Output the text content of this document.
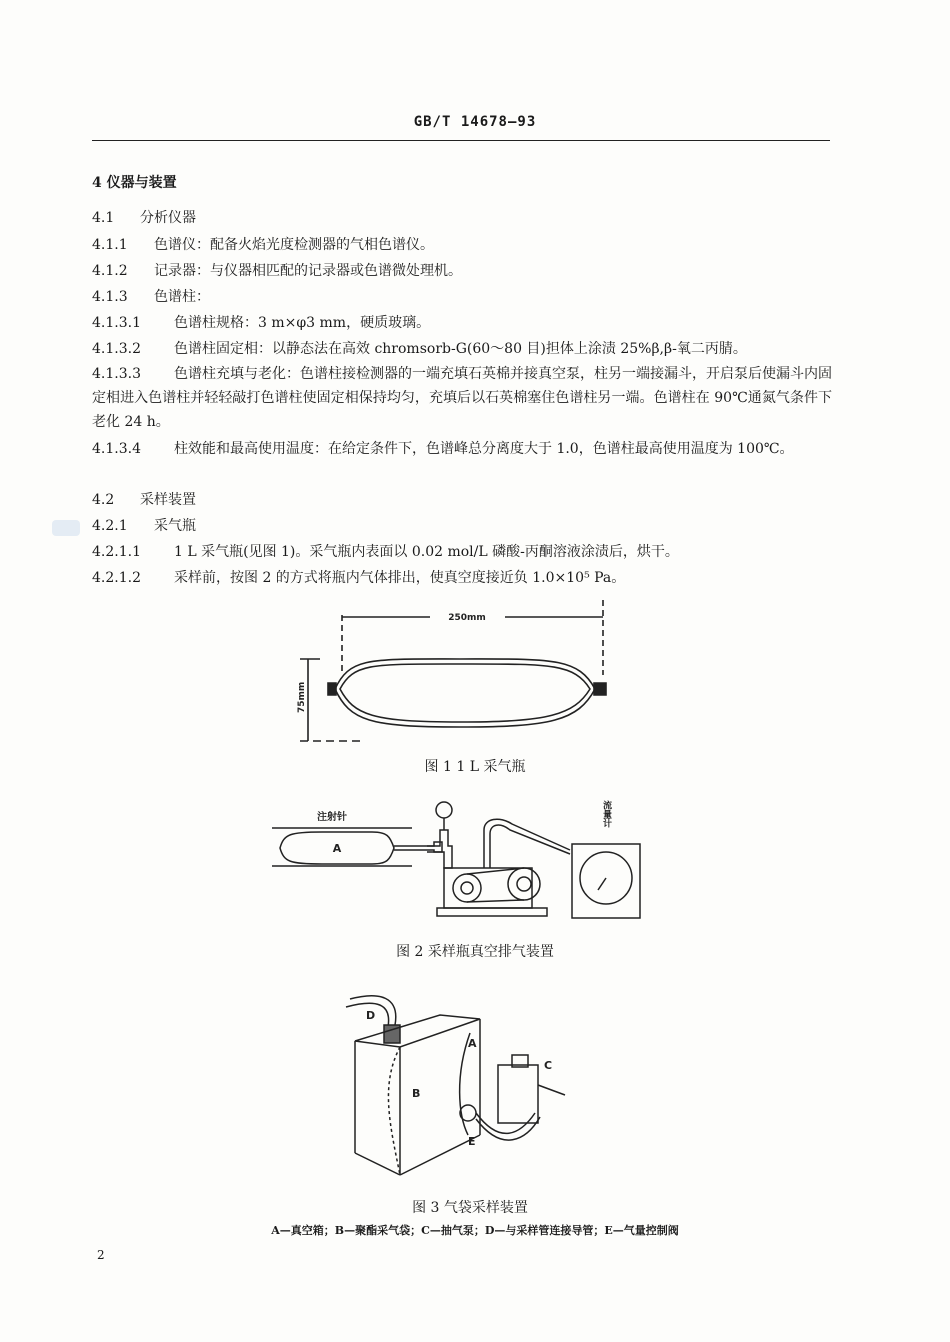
GB/T 14678—93
4 仪器与装置
4.1 分析仪器
4.1.1 色谱仪：配备火焰光度检测器的气相色谱仪。
4.1.2 记录器：与仪器相匹配的记录器或色谱微处理机。
4.1.3 色谱柱：
4.1.3.1 色谱柱规格：3 m×φ3 mm，硬质玻璃。
4.1.3.2 色谱柱固定相：以静态法在高效 chromsorb-G(60～80 目)担体上涂渍 25%β,β-氧二丙腈。
4.1.3.3 色谱柱充填与老化：色谱柱接检测器的一端充填石英棉并接真空泵，柱另一端接漏斗，开启泵后使漏斗内固定相进入色谱柱并轻轻敲打色谱柱使固定相保持均匀，充填后以石英棉塞住色谱柱另一端。色谱柱在 90℃通氮气条件下老化 24 h。
4.1.3.4 柱效能和最高使用温度：在给定条件下，色谱峰总分离度大于 1.0，色谱柱最高使用温度为 100℃。
4.2 采样装置
4.2.1 采气瓶
4.2.1.1 1 L 采气瓶(见图 1)。采气瓶内表面以 0.02 mol/L 磷酸-丙酮溶液涂渍后，烘干。
4.2.1.2 采样前，按图 2 的方式将瓶内气体排出，使真空度接近负 1.0×10⁵ Pa。
250mm
75mm
图 1 1 L 采气瓶
注射针
A
流量计
图 2 采样瓶真空排气装置
D
A
B
C
E
图 3 气袋采样装置
A—真空箱；B—聚酯采气袋；C—抽气泵；D—与采样管连接导管；E—气量控制阀
2
